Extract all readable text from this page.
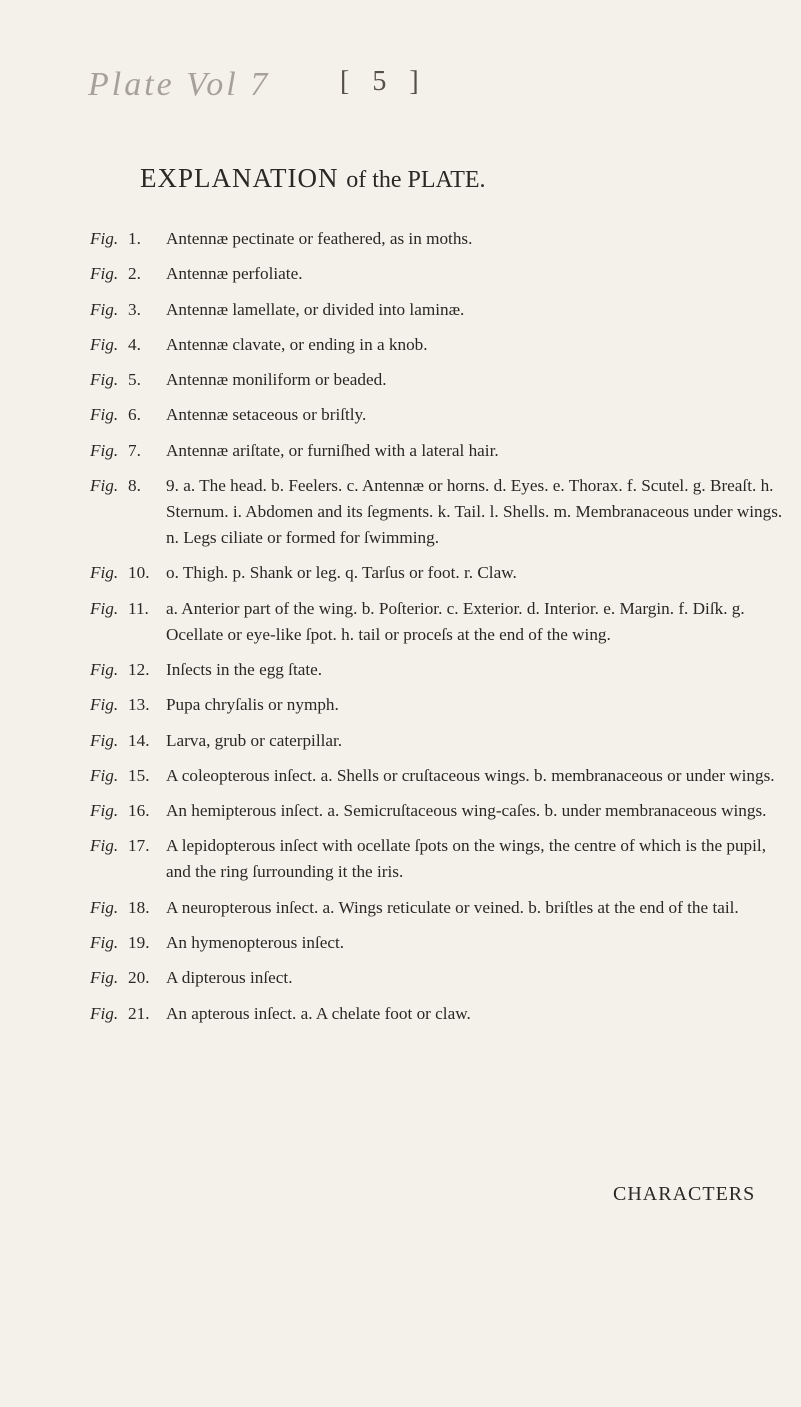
Plate Vol 7 [ 5 ]
EXPLANATION of the PLATE.
Fig. 1.	Antennæ pectinate or feathered, as in moths.
Fig. 2.	Antennæ perfoliate.
Fig. 3.	Antennæ lamellate, or divided into laminæ.
Fig. 4.	Antennæ clavate, or ending in a knob.
Fig. 5.	Antennæ moniliform or beaded.
Fig. 6.	Antennæ setaceous or briſtly.
Fig. 7.	Antennæ ariſtate, or furniſhed with a lateral hair.
Fig. 8.	9. a. The head. b. Feelers. c. Antennæ or horns. d. Eyes. e. Thorax. f. Scutel. g. Breaſt. h. Sternum. i. Abdomen and its ſegments. k. Tail. l. Shells. m. Membranaceous under wings. n. Legs ciliate or formed for ſwimming.
Fig. 10. o. Thigh. p. Shank or leg. q. Tarſus or foot. r. Claw.
Fig. 11. a. Anterior part of the wing. b. Poſterior. c. Exterior. d. Interior. e. Margin. f. Diſk. g. Ocellate or eye-like ſpot. h. tail or proceſs at the end of the wing.
Fig. 12. Inſects in the egg ſtate.
Fig. 13. Pupa chryſalis or nymph.
Fig. 14. Larva, grub or caterpillar.
Fig. 15. A coleopterous inſect. a. Shells or cruſtaceous wings. b. membranaceous or under wings.
Fig. 16. An hemipterous inſect. a. Semicruſtaceous wing-caſes. b. under membranaceous wings.
Fig. 17. A lepidopterous inſect with ocellate ſpots on the wings, the centre of which is the pupil, and the ring ſurrounding it the iris.
Fig. 18. A neuropterous inſect. a. Wings reticulate or veined. b. briſtles at the end of the tail.
Fig. 19. An hymenopterous inſect.
Fig. 20. A dipterous inſect.
Fig. 21. An apterous inſect. a. A chelate foot or claw.
CHARACTERS
